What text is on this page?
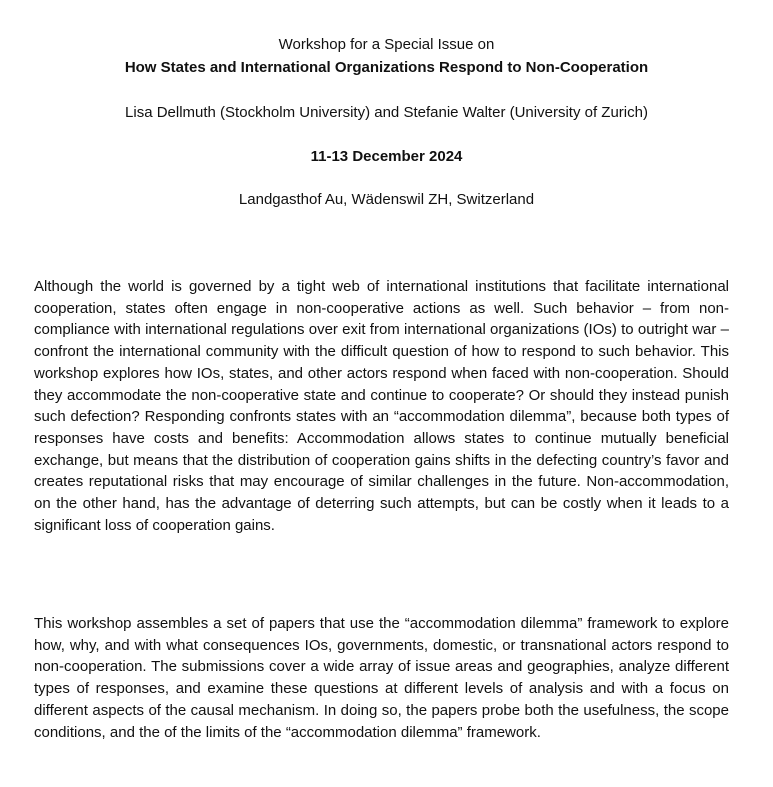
Workshop for a Special Issue on
How States and International Organizations Respond to Non-Cooperation
Lisa Dellmuth (Stockholm University) and Stefanie Walter (University of Zurich)
11-13 December 2024
Landgasthof Au, Wädenswil ZH, Switzerland

Although the world is governed by a tight web of international institutions that facilitate international cooperation, states often engage in non-cooperative actions as well. Such behavior – from non-compliance with international regulations over exit from international organizations (IOs) to outright war – confront the international community with the difficult question of how to respond to such behavior. This workshop explores how IOs, states, and other actors respond when faced with non-cooperation. Should they accommodate the non-cooperative state and continue to cooperate? Or should they instead punish such defection? Responding confronts states with an “accommodation dilemma”, because both types of responses have costs and benefits: Accommodation allows states to continue mutually beneficial exchange, but means that the distribution of cooperation gains shifts in the defecting country’s favor and creates reputational risks that may encourage of similar challenges in the future. Non-accommodation, on the other hand, has the advantage of deterring such attempts, but can be costly when it leads to a significant loss of cooperation gains.

This workshop assembles a set of papers that use the “accommodation dilemma” framework to explore how, why, and with what consequences IOs, governments, domestic, or transnational actors respond to non-cooperation. The submissions cover a wide array of issue areas and geographies, analyze different types of responses, and examine these questions at different levels of analysis and with a focus on different aspects of the causal mechanism. In doing so, the papers probe both the usefulness, the scope conditions, and the of the limits of the “accommodation dilemma” framework.
